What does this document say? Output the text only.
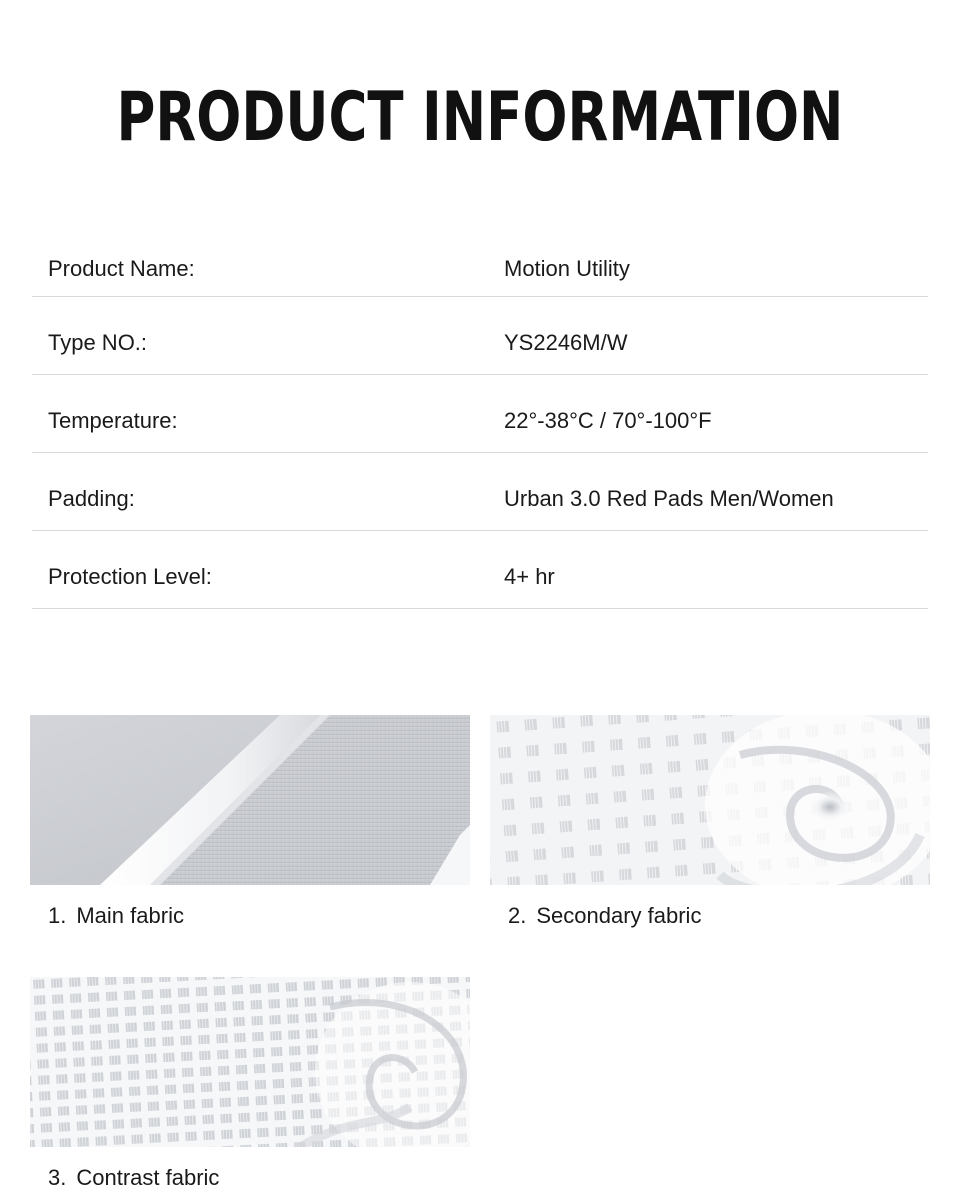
PRODUCT INFORMATION
Product Name:	Motion Utility
Type NO.:	YS2246M/W
Temperature:	22°-38°C / 70°-100°F
Padding:	Urban 3.0 Red Pads Men/Women
Protection Level:	4+ hr
1. Main fabric	2. Secondary fabric
3. Contrast fabric
